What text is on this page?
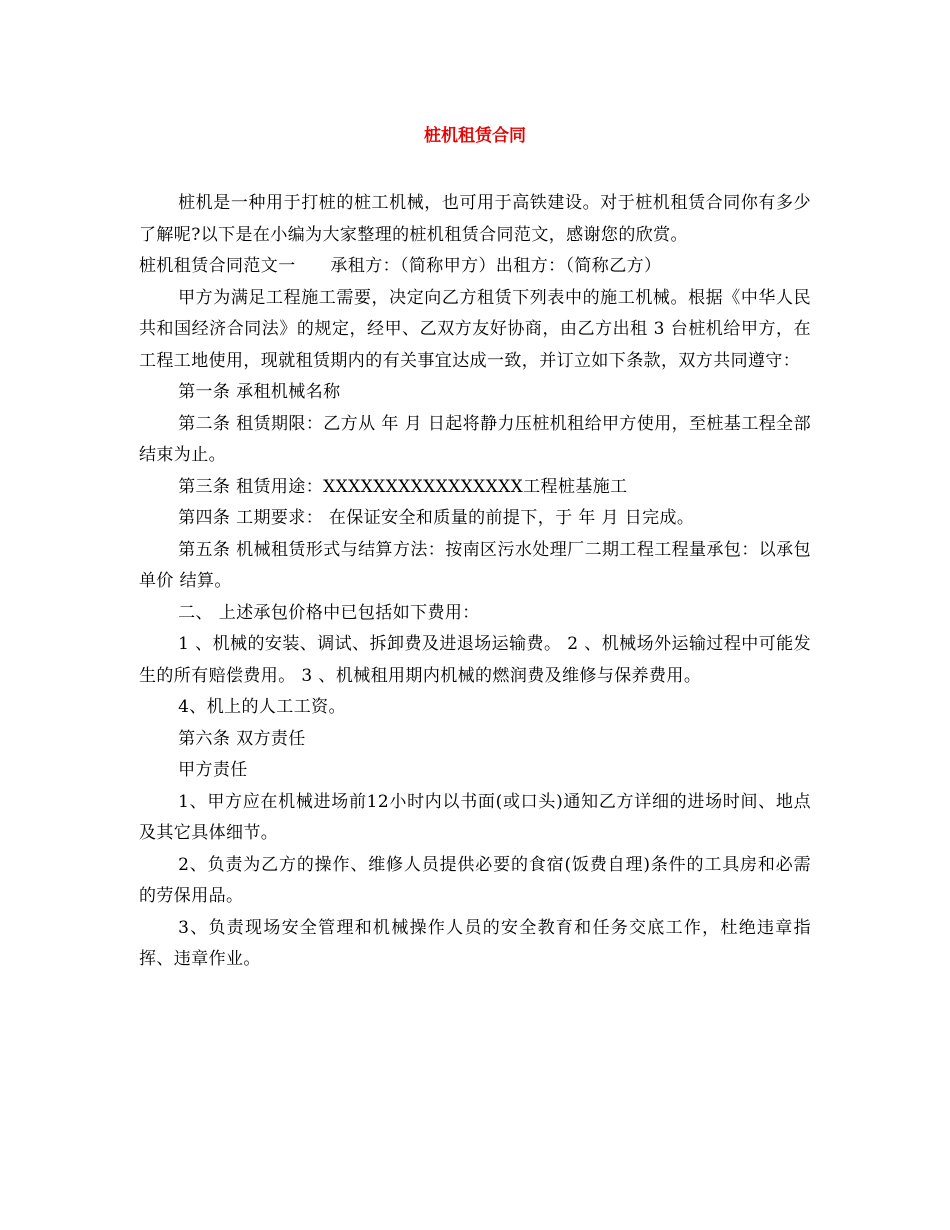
桩机租赁合同

桩机是一种用于打桩的桩工机械，也可用于高铁建设。对于桩机租赁合同你有多少了解呢?以下是在小编为大家整理的桩机租赁合同范文，感谢您的欣赏。

桩机租赁合同范文一　　承租方：（简称甲方）出租方：（简称乙方）

甲方为满足工程施工需要，决定向乙方租赁下列表中的施工机械。根据《中华人民共和国经济合同法》的规定，经甲、乙双方友好协商，由乙方出租 3 台桩机给甲方，在 工程工地使用，现就租赁期内的有关事宜达成一致，并订立如下条款，双方共同遵守：

第一条 承租机械名称

第二条 租赁期限：乙方从 年 月 日起将静力压桩机租给甲方使用，至桩基工程全部结束为止。

第三条 租赁用途：XXXXXXXXXXXXXXXX工程桩基施工

第四条 工期要求： 在保证安全和质量的前提下，于 年 月 日完成。

第五条 机械租赁形式与结算方法：按南区污水处理厂二期工程工程量承包：以承包单价 结算。

二、 上述承包价格中已包括如下费用：

1 、机械的安装、调试、拆卸费及进退场运输费。 2 、机械场外运输过程中可能发生的所有赔偿费用。 3 、机械租用期内机械的燃润费及维修与保养费用。

4、机上的人工工资。

第六条 双方责任

甲方责任

1、甲方应在机械进场前12小时内以书面(或口头)通知乙方详细的进场时间、地点及其它具体细节。

2、负责为乙方的操作、维修人员提供必要的食宿(饭费自理)条件的工具房和必需的劳保用品。

3、负责现场安全管理和机械操作人员的安全教育和任务交底工作，杜绝违章指挥、违章作业。
